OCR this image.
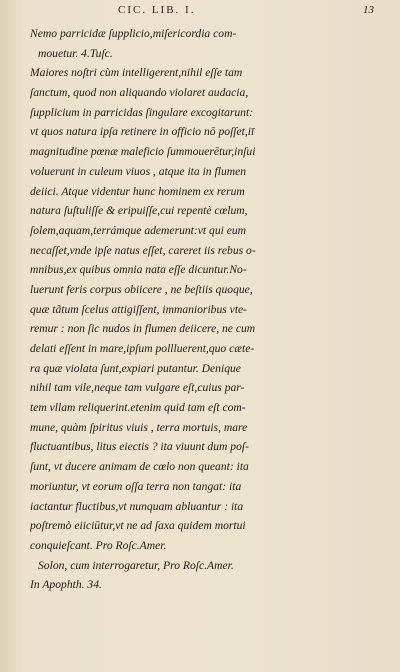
CIC. LIB. I.	13
Nemo parricidæ ſupplicio,miſericordia com-
mouetur. 4.Tuſc.
Maiores noſtri cùm intelligerent,nihil eſſe tam
ſanctum, quod non aliquando violaret audacia,
ſupplicium in parricidas ſingulare excogitarunt:
vt quos natura ipſa retinere in officio nō poſſet,iī
magnitudine pœnæ maleficio ſummouerētur,inſui
voluerunt in culeum viuos , atque ita in flumen
deiici. Atque videntur hunc hominem ex rerum
natura ſuſtuliſſe & eripuiſſe,cui repentè cœlum,
ſolem,aquam,terrámque ademerunt:vt qui eum
necaſſet,vnde ipſe natus eſſet, careret iis rebus o-
mnibus,ex quibus omnia nata eſſe dicuntur.No-
luerunt feris corpus obiicere , ne beſtiis quoque,
quæ tãtum ſcelus attigiſſent, immanioribus vte-
remur : non ſic nudos in flumen deiicere, ne cum
delati eſſent in mare,ipſum pollluerent,quo cæte-
ra quæ violata ſunt,expiari putantur. Denique
nihil tam vile,neque tam vulgare eſt,cuius par-
tem vllam reliquerint.etenim quid tam eſt com-
mune, quàm ſpiritus viuis , terra mortuis, mare
fluctuantibus, litus eiectis ? ita viuunt dum poſ-
ſunt, vt ducere animam de cœlo non queant: ita
moriuntur, vt eorum oſſa terra non tangat: ita
iactantur fluctibus,vt nunquam abluantur : ita
poſtremò eiiciūtur,vt ne ad ſaxa quidem mortui
conquieſcant. Pro Roſc.Amer.
Solon, cum interrogaretur, Pro Roſc.Amer.
In Apophth. 34.
